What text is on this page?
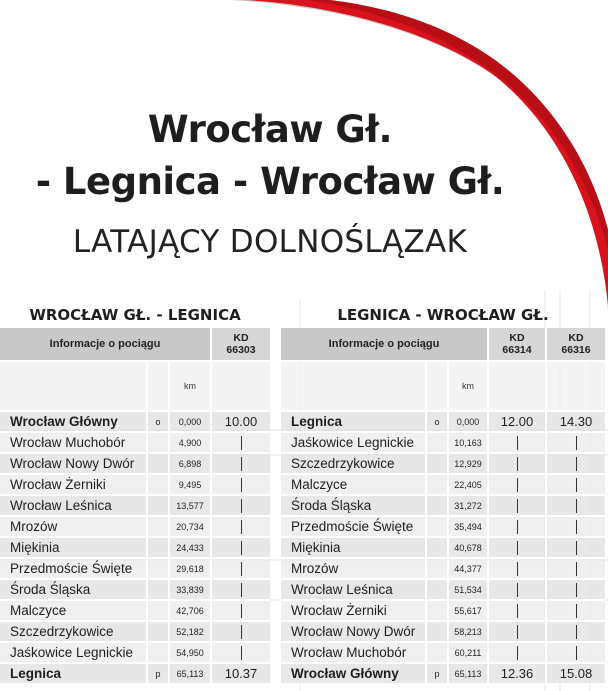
Wrocław Gł.
- Legnica - Wrocław Gł.
LATAJĄCY DOLNOŚLĄZAK
WROCŁAW GŁ. - LEGNICA
Informacje o pociągu			KD
66303
		km	
Wrocław Główny	o	0,000	10.00
Wrocław Muchobór		4,900	
Wrocław Nowy Dwór		6,898	
Wrocław Żerniki		9,495	
Wrocław Leśnica		13,577	
Mrozów		20,734	
Miękinia		24,433	
Przedmoście Święte		29,618	
Środa Śląska		33,839	
Malczyce		42,706	
Szczedrzykowice		52,182	
Jaśkowice Legnickie		54,950	
Legnica	p	65,113	10.37
LEGNICA - WROCŁAW GŁ.
Informacje o pociągu			KD
66314	KD
66316
		km		
Legnica	o	0,000	12.00	14.30
Jaśkowice Legnickie		10,163		
Szczedrzykowice		12,929		
Malczyce		22,405		
Środa Śląska		31,272		
Przedmoście Święte		35,494		
Miękinia		40,678		
Mrozów		44,377		
Wrocław Leśnica		51,534		
Wrocław Żerniki		55,617		
Wrocław Nowy Dwór		58,213		
Wrocław Muchobór		60,211		
Wrocław Główny	p	65,113	12.36	15.08
